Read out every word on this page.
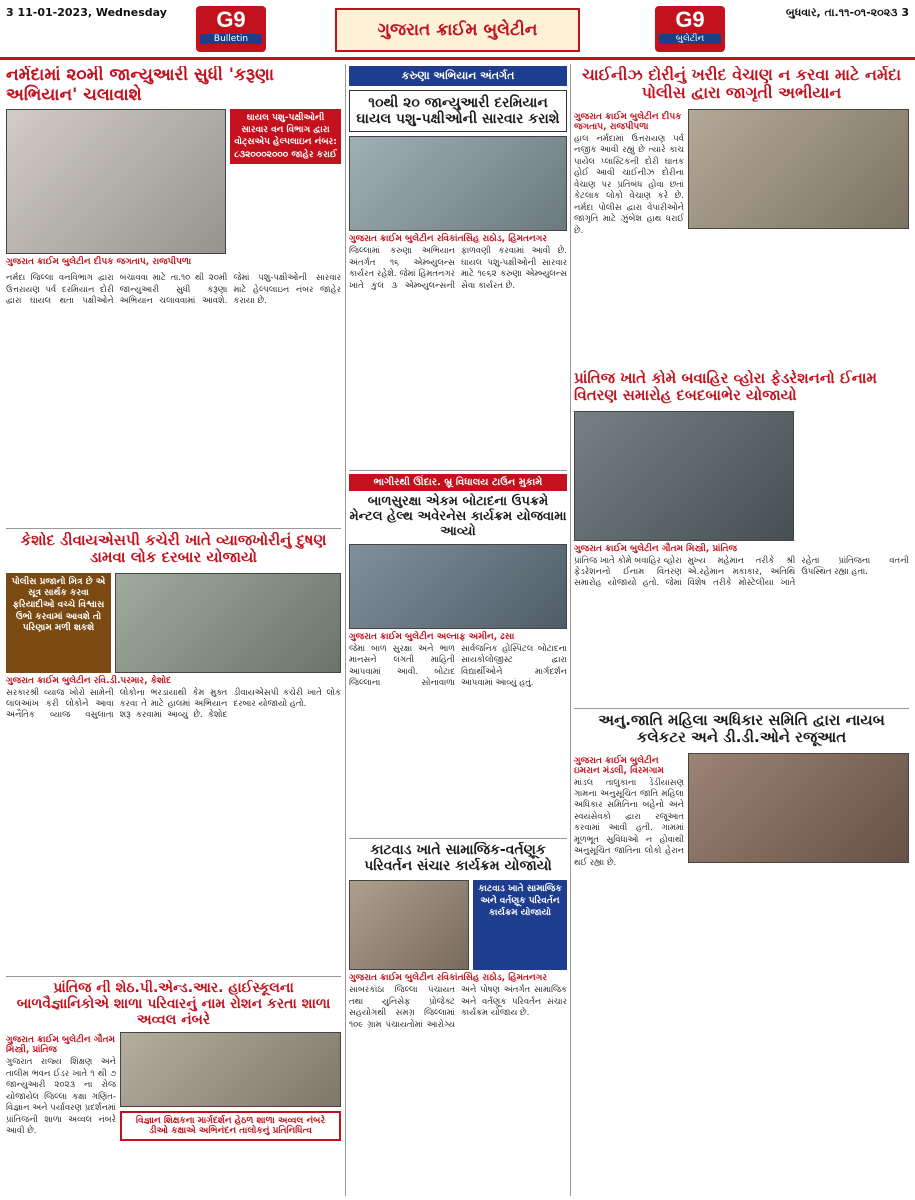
3 11-01-2023, Wednesday	G9
Bulletin	ગુજરાત ક્રાઈમ બુલેટીન	G9
બુલેટીન
બુધવાર, તા.૧૧-૦૧-૨૦૨૩ 3
નર્મદામાં ૨૦મી જાન્યુઆરી સુધી 'કરૂણા અભિયાન' ચલાવાશે
ગુજરાત ક્રાઈમ બુલેટીન દીપક જગતાપ, રાજપીપળા
ઘાયલ પશુ-પક્ષીઓની સારવાર વન વિભાગ દ્વારા વોટ્સએપ હેલ્પલાઇન નંબર: ૮૩૨૦૦૦૨૦૦૦ જાહેર કરાઈ
નર્મદા જિલ્લા વનવિભાગ દ્વારા ઉત્તરાયણ પર્વ દરમિયાન દોરી દ્વારા ઘાયલ થતા પક્ષીઓને બચાવવા માટે તા.૧૦ થી ૨૦મી જાન્યુઆરી સુધી કરૂણા અભિયાન ચલાવવામાં આવશે. જેમાં પશુ-પક્ષીઓની સારવાર માટે હેલ્પલાઇન નંબર જાહેર કરાયા છે.
કરુણા અભિયાન અંતર્ગત
૧૦થી ૨૦ જાન્યુઆરી દરમિયાન ઘાયલ પશુ-પક્ષીઓની સારવાર કરાશે
ગુજરાત ક્રાઈમ બુલેટીન રવિકાંતસિંહ રાઠોડ, હિંમતનગર
જિલ્લામાં કરુણા અભિયાન અંતર્ગત ૧૬ એમ્બ્યુલન્સ કાર્યરત રહેશે. જેમાં હિંમતનગર ખાતે કુલ ૩ એમ્બ્યુલન્સની ફાળવણી કરવામાં આવી છે. ઘાયલ પશુ-પક્ષીઓની સારવાર માટે ૧૯૬૨ કરુણા એમ્બ્યુલન્સ સેવા કાર્યરત છે.
ચાઈનીઝ દોરીનું ખરીદ વેચાણ ન કરવા માટે નર્મદા પોલીસ દ્વારા જાગૃતી અભીયાન
ગુજરાત ક્રાઈમ બુલેટીન દીપક જગતાપ, રાજપીપળા
હાલ નર્મદામાં ઉત્તરાયણ પર્વ નજીક આવી રહ્યું છે ત્યારે કાચ પાયેલ પ્લાસ્ટિકની દોરી ઘાતક હોઈ આવી ચાઈનીઝ દોરીના વેચાણ પર પ્રતિબંધ હોવા છતાં કેટલાક લોકો વેચાણ કરે છે. નર્મદા પોલીસ દ્વારા વેપારીઓને જાગૃતિ માટે ઝુંબેશ હાથ ધરાઈ છે.
પ્રાંતિજ ખાતે કોમે બવાહિર વ્હોરા ફેડરેશનનો ઈનામ વિતરણ સમારોહ દબદબાભેર યોજાયો
ગુજરાત ક્રાઈમ બુલેટીન ગૌતમ મિસ્ત્રી, પ્રાંતિજ
પ્રાંતિજ ખાતે કોમે બવાહિર વ્હોરા ફેડરેશનનો ઈનામ વિતરણ સમારોહ યોજાયો હતો. જેમાં મુખ્ય મહેમાન તરીકે શ્રી એ.રહેમાન મકાકાર, અતિથિ વિશેષ તરીકે મોસ્ટેલીયા ખાતે રહેતા પ્રાંતિજના વતની ઉપસ્થિત રહ્યા હતા.
કેશોદ ડીવાયએસપી કચેરી ખાતે વ્યાજખોરીનું દુષણ ડામવા લોક દરબાર યોજાયો
પોલીસ પ્રજાનો મિત્ર છે એ સૂત્ર સાર્થક કરવા ફરિયાદીઓ વચ્ચે વિશ્વાસ ઉભો કરવામાં આવશે તો પરિણામ મળી શકશે
ગુજરાત ક્રાઈમ બુલેટીન રવિ.ડી.પરમાર, કેશોદ
સરકારશ્રી વ્યાજ ખોરો સામેની લાલઆંખ કરી લોકોને આવા અનૈતિક વ્યાજ વસુલાતા લોકોના ભરડાયાથી કેમ મુક્ત કરવા તે માટે હાલમાં અભિયાન શરૂ કરવામાં આવ્યું છે. કેશોદ ડીવાયએસપી કચેરી ખાતે લોક દરબાર યોજાયો હતો.
ભાગીરથી ઊંદાર. બ્રૂ વિધાલય ટાઉન મુકામે
બાળસુરક્ષા એકમ બોટાદના ઉપક્રમે મેન્ટલ હેલ્થ અવેરનેસ કાર્યક્રમ યોજવામા આવ્યો
ગુજરાત ક્રાઈમ બુલેટીન અલ્તાફ અમીન, ઢસા
જેમા બાળ સુરક્ષા અને ભાળ માનસને લગતી માહિતી આપવામાં આવી. બોટાદ જિલ્લાના સોનાવાળા સાર્વજનિક હોસ્પિટલ બોટાદના સાયકોલોજીસ્ટ દ્વારા વિદ્યાર્થીઓને માર્ગદર્શન આપવામાં આવ્યું હતું.
કાટવાડ ખાતે સામાજિક-વર્તણૂક પરિવર્તન સંચાર કાર્યક્રમ યોજાયો
કાટવાડ ખાતે સામાજિક અને વર્તણૂક પરિવર્તન કાર્યક્રમ યોજાયો
ગુજરાત ક્રાઈમ બુલેટીન રવિકાંતસિંહ રાઠોડ, હિંમતનગર
સાબરકાંઠા જિલ્લા પંચાયત તથા યુનિસેફ પ્રોજેક્ટ સહયોગથી સમગ્ર જિલ્લામાં ૧૦૯ ગ્રામ પંચાયતોમાં આરોગ્ય અને પોષણ અંતર્ગત સામાજિક અને વર્તણૂક પરિવર્તન સંચાર કાર્યક્રમ યોજાય છે.
અનુ.જાતિ મહિલા અધિકાર સમિતિ દ્વારા નાયબ કલેકટર અને ડી.ડી.ઓને રજૂઆત
ગુજરાત ક્રાઈમ બુલેટીન ઇમરાન મંડલી, વિરમગામ
માંડલ તાલુકાના ડેડીયાસણ ગામના અનુસૂચિત જાતિ મહિલા અધિકાર સમિતિના બહેનો અને સ્વયંસેવકો દ્વારા રજૂઆત કરવામાં આવી હતી. ગામમાં મૂળભૂત સુવિધાઓ ન હોવાથી અનુસૂચિત જાતિના લોકો હેરાન થઈ રહ્યા છે.
પ્રાંતિજ ની શેઠ.પી.એન્ડ.આર. હાઈસ્કૂલના બાળવૈજ્ઞાનિકોએ શાળા પરિવારનું નામ રોશન કરતા શાળા અવ્વલ નંબરે
ગુજરાત ક્રાઈમ બુલેટીન ગૌતમ મિસ્ત્રી, પ્રાંતિજ
ગુજરાત રાજ્ય શિક્ષણ અને તાલીમ ભવન ઈડર ખાતે ૧ થી ૭ જાન્યુઆરી ૨૦૨૩ ના રોજ યોજાયેલ જિલ્લા કક્ષા ગણિત-વિજ્ઞાન અને પર્યાવરણ પ્રદર્શનમાં પ્રાંતિજની શાળા અવ્વલ નંબરે આવી છે.
વિજ્ઞાન શિક્ષકના માર્ગદર્શન હેઠળ શાળા અવ્વલ નંબરે ડીઓ કક્ષાએ અભિનંદન તાલોકનું પ્રતિનિધિત્વ
